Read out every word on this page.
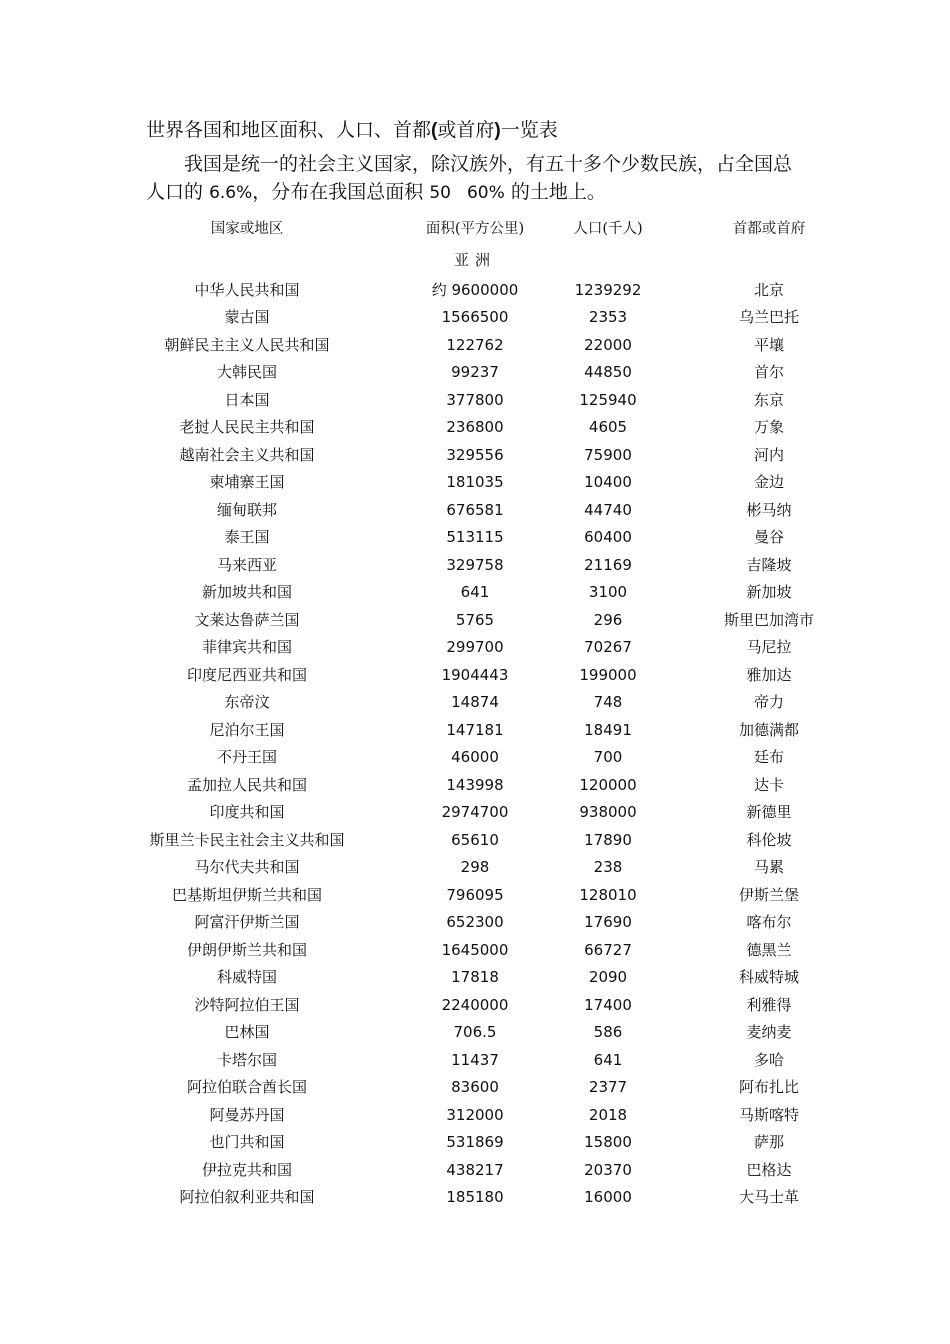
世界各国和地区面积、人口、首都(或首府)一览表
我国是统一的社会主义国家，除汉族外，有五十多个少数民族，占全国总
人口的 6.6%，分布在我国总面积 50 60% 的土地上。
国家或地区	面积(平方公里)	人口(千人)	首都或首府
亚洲
中华人民共和国	约 9600000	1239292	北京
蒙古国	1566500	2353	乌兰巴托
朝鲜民主主义人民共和国	122762	22000	平壤
大韩民国	99237	44850	首尔
日本国	377800	125940	东京
老挝人民民主共和国	236800	4605	万象
越南社会主义共和国	329556	75900	河内
柬埔寨王国	181035	10400	金边
缅甸联邦	676581	44740	彬马纳
泰王国	513115	60400	曼谷
马来西亚	329758	21169	吉隆坡
新加坡共和国	641	3100	新加坡
文莱达鲁萨兰国	5765	296	斯里巴加湾市
菲律宾共和国	299700	70267	马尼拉
印度尼西亚共和国	1904443	199000	雅加达
东帝汶	14874	748	帝力
尼泊尔王国	147181	18491	加德满都
不丹王国	46000	700	廷布
孟加拉人民共和国	143998	120000	达卡
印度共和国	2974700	938000	新德里
斯里兰卡民主社会主义共和国	65610	17890	科伦坡
马尔代夫共和国	298	238	马累
巴基斯坦伊斯兰共和国	796095	128010	伊斯兰堡
阿富汗伊斯兰国	652300	17690	喀布尔
伊朗伊斯兰共和国	1645000	66727	德黑兰
科威特国	17818	2090	科威特城
沙特阿拉伯王国	2240000	17400	利雅得
巴林国	706.5	586	麦纳麦
卡塔尔国	11437	641	多哈
阿拉伯联合酋长国	83600	2377	阿布扎比
阿曼苏丹国	312000	2018	马斯喀特
也门共和国	531869	15800	萨那
伊拉克共和国	438217	20370	巴格达
阿拉伯叙利亚共和国	185180	16000	大马士革
